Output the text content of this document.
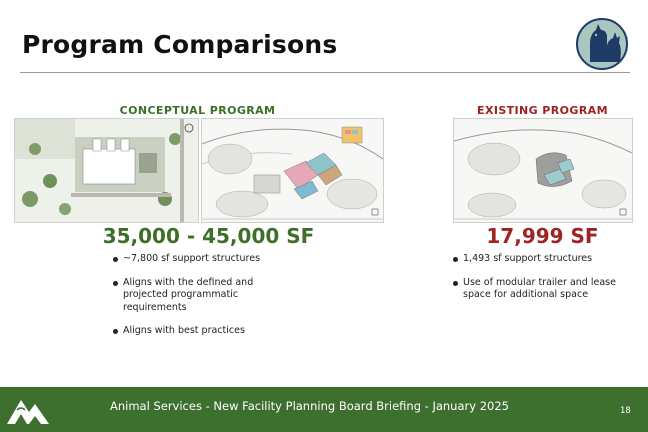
Program Comparisons
CONCEPTUAL PROGRAM	EXISTING PROGRAM
35,000 - 45,000 SF	17,999 SF
~7,800 sf support structures
Aligns with the defined and projected programmatic requirements
Aligns with best practices
1,493 sf support structures
Use of modular trailer and lease space for additional space
Animal Services - New Facility Planning Board Briefing - January 2025	18
